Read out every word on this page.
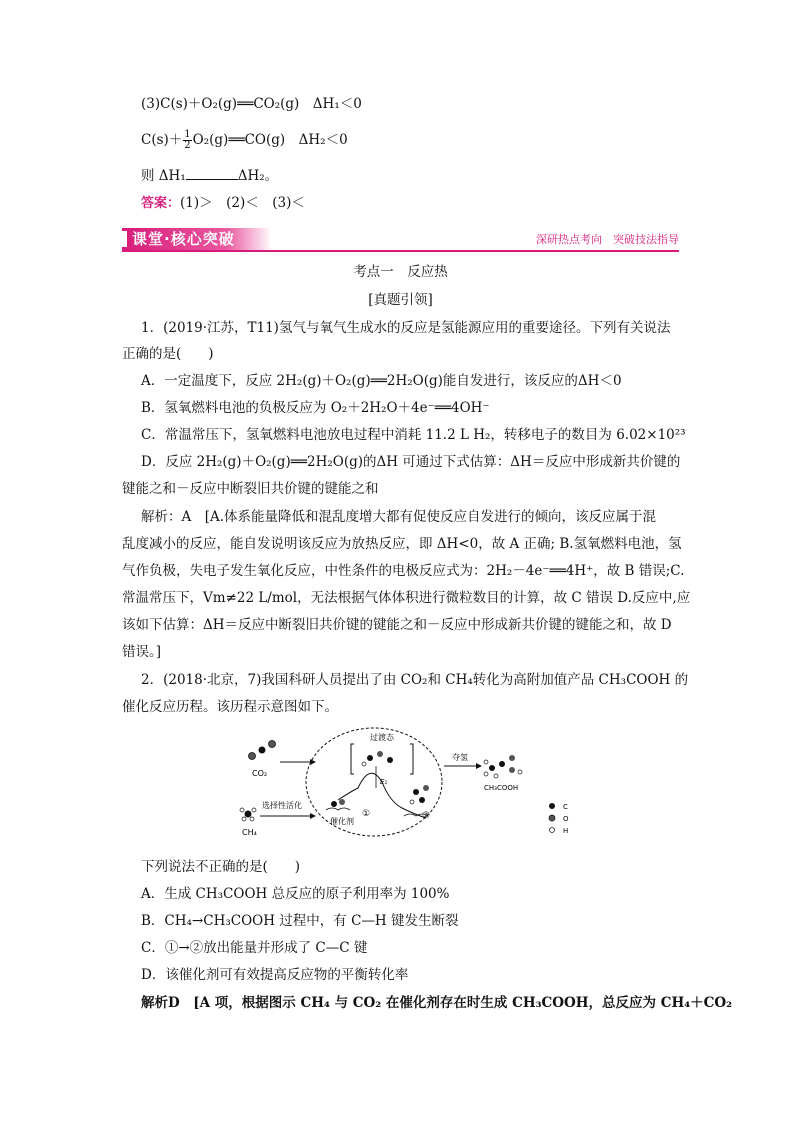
(3)C(s)＋O₂(g)══CO₂(g)　ΔH₁＜0
$C(s)+ \frac{1}{2}$ O₂(g)══CO(g)　ΔH₂＜0
则 ΔH₁	ΔH₂。
答案：(1)＞　(2)＜　(3)＜
课堂·核心突破	深研热点考向　突破技法指导
考点一　反应热
[真题引领]
1．(2019·江苏，T11)氢气与氧气生成水的反应是氢能源应用的重要途径。下列有关说法
正确的是(　　)
A．一定温度下，反应 2H₂(g)＋O₂(g)══2H₂O(g)能自发进行，该反应的ΔH＜0
B．氢氧燃料电池的负极反应为 O₂＋2H₂O＋4e⁻══4OH⁻
C．常温常压下，氢氧燃料电池放电过程中消耗 11.2 L H₂，转移电子的数目为 6.02×10²³
D．反应 2H₂(g)＋O₂(g)══2H₂O(g)的ΔH 可通过下式估算：ΔH＝反应中形成新共价键的
键能之和－反应中断裂旧共价键的键能之和
解析：A　[A.体系能量降低和混乱度增大都有促使反应自发进行的倾向，该反应属于混
乱度减小的反应，能自发说明该反应为放热反应，即 ΔH<0，故 A 正确; B.氢氧燃料电池，氢
气作负极，失电子发生氧化反应，中性条件的电极反应式为：2H₂－4e⁻══4H⁺，故 B 错误;C.
常温常压下，Vm≠22 L/mol，无法根据气体体积进行微粒数目的计算，故 C 错误 D.反应中,应
该如下估算：ΔH＝反应中断裂旧共价键的键能之和－反应中形成新共价键的键能之和，故 D
错误。]
2．(2018·北京，7)我国科研人员提出了由 CO₂和 CH₄转化为高附加值产品 CH₃COOH 的
催化反应历程。该历程示意图如下。
CO₂
CH₄
选择性活化
过渡态
E₁
催化剂
①	②
夺氢
CH₃COOH
C
O
H
下列说法不正确的是(　　)
A．生成 CH₃COOH 总反应的原子利用率为 100%
B．CH₄→CH₃COOH 过程中，有 C—H 键发生断裂
C．①→②放出能量并形成了 C—C 键
D．该催化剂可有效提高反应物的平衡转化率
解析D　[A 项，根据图示 CH₄ 与 CO₂ 在催化剂存在时生成 CH₃COOH，总反应为 CH₄＋CO₂
